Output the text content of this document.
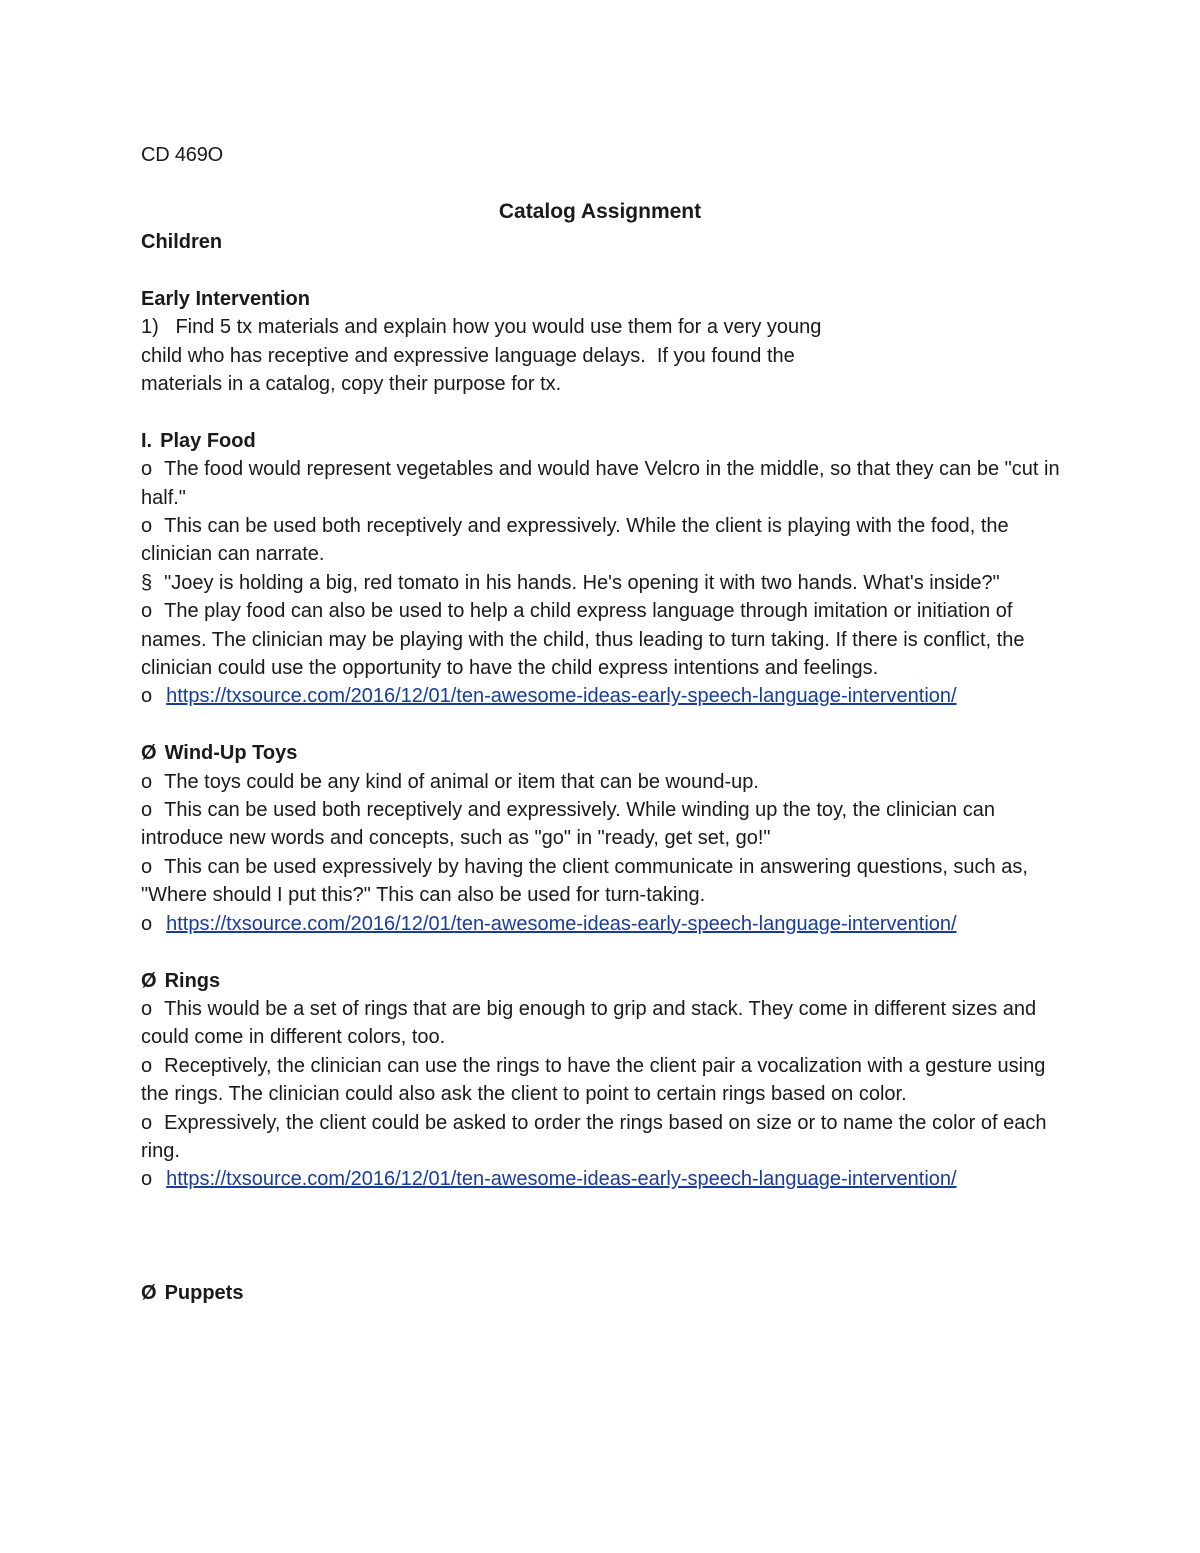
CD 469O
Catalog Assignment

Children

Early Intervention

1) Find 5 tx materials and explain how you would use them for a very young

child who has receptive and expressive language delays.  If you found the

materials in a catalog, copy their purpose for tx.

I. Play Food

o The food would represent vegetables and would have Velcro in the middle, so that they can be "cut in half."

o This can be used both receptively and expressively. While the client is playing with the food, the clinician can narrate.

§ "Joey is holding a big, red tomato in his hands. He's opening it with two hands. What's inside?"

o The play food can also be used to help a child express language through imitation or initiation of names. The clinician may be playing with the child, thus leading to turn taking. If there is conflict, the clinician could use the opportunity to have the child express intentions and feelings.

o https://txsource.com/2016/12/01/ten-awesome-ideas-early-speech-language-intervention/

Ø Wind-Up Toys

o The toys could be any kind of animal or item that can be wound-up.

o This can be used both receptively and expressively. While winding up the toy, the clinician can introduce new words and concepts, such as "go" in "ready, get set, go!"

o This can be used expressively by having the client communicate in answering questions, such as, "Where should I put this?" This can also be used for turn-taking.

o https://txsource.com/2016/12/01/ten-awesome-ideas-early-speech-language-intervention/

Ø Rings

o This would be a set of rings that are big enough to grip and stack. They come in different sizes and could come in different colors, too.

o Receptively, the clinician can use the rings to have the client pair a vocalization with a gesture using the rings. The clinician could also ask the client to point to certain rings based on color.

o Expressively, the client could be asked to order the rings based on size or to name the color of each ring.

o https://txsource.com/2016/12/01/ten-awesome-ideas-early-speech-language-intervention/

Ø Puppets
